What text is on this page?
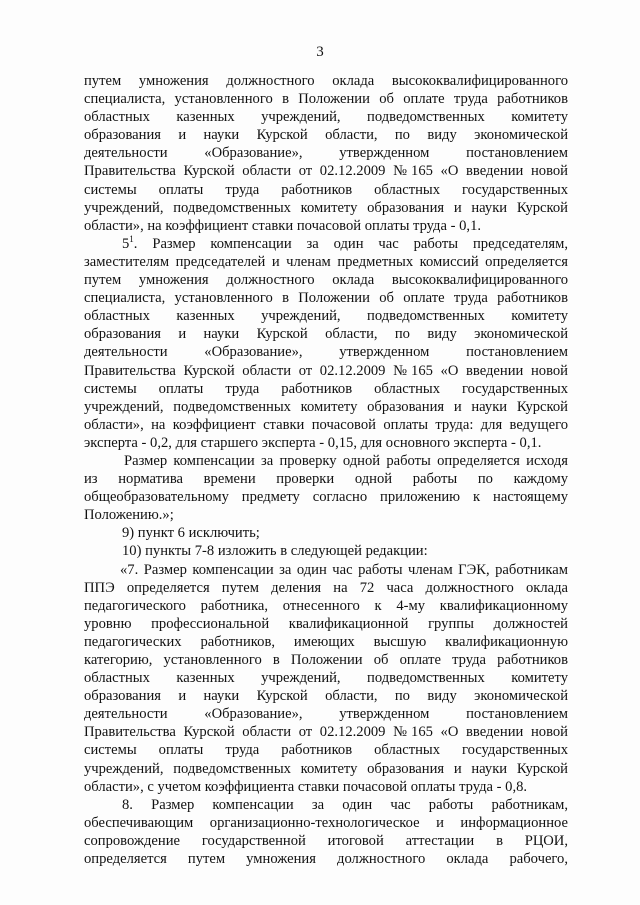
3
путем умножения должностного оклада высококвалифицированного
специалиста, установленного в Положении об оплате труда работников
областных казенных учреждений, подведомственных комитету
образования и науки Курской области, по виду экономической
деятельности «Образование», утвержденном постановлением
Правительства Курской области от 02.12.2009 №165 «О введении новой
системы оплаты труда работников областных государственных
учреждений, подведомственных комитету образования и науки Курской
области», на коэффициент ставки почасовой оплаты труда - 0,1.
$5^1$. Размер компенсации за один час работы председателям,
заместителям председателей и членам предметных комиссий определяется
путем умножения должностного оклада высококвалифицированного
специалиста, установленного в Положении об оплате труда работников
областных казенных учреждений, подведомственных комитету
образования и науки Курской области, по виду экономической
деятельности «Образование», утвержденном постановлением
Правительства Курской области от 02.12.2009 №165 «О введении новой
системы оплаты труда работников областных государственных
учреждений, подведомственных комитету образования и науки Курской
области», на коэффициент ставки почасовой оплаты труда: для ведущего
эксперта - 0,2, для старшего эксперта - 0,15, для основного эксперта - 0,1.
Размер компенсации за проверку одной работы определяется исходя
из норматива времени проверки одной работы по каждому
общеобразовательному предмету согласно приложению к настоящему
Положению.»;
9) пункт 6 исключить;
10) пункты 7-8 изложить в следующей редакции:
«7. Размер компенсации за один час работы членам ГЭК, работникам
ППЭ определяется путем деления на 72 часа должностного оклада
педагогического работника, отнесенного к 4-му квалификационному
уровню профессиональной квалификационной группы должностей
педагогических работников, имеющих высшую квалификационную
категорию, установленного в Положении об оплате труда работников
областных казенных учреждений, подведомственных комитету
образования и науки Курской области, по виду экономической
деятельности «Образование», утвержденном постановлением
Правительства Курской области от 02.12.2009 №165 «О введении новой
системы оплаты труда работников областных государственных
учреждений, подведомственных комитету образования и науки Курской
области», с учетом коэффициента ставки почасовой оплаты труда - 0,8.
8. Размер компенсации за один час работы работникам,
обеспечивающим организационно-технологическое и информационное
сопровождение государственной итоговой аттестации в РЦОИ,
определяется путем умножения должностного оклада рабочего,
